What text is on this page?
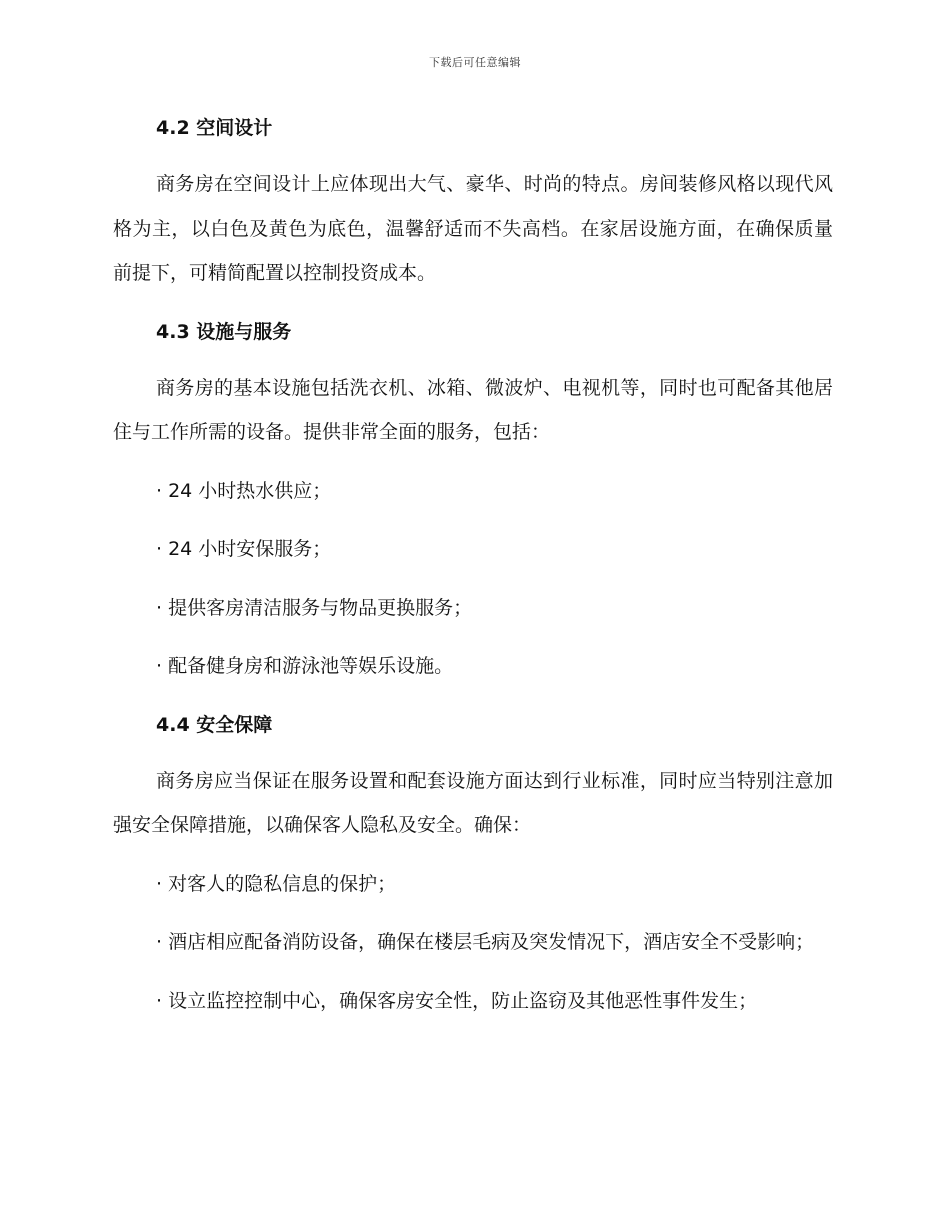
下载后可任意编辑
4.2 空间设计

商务房在空间设计上应体现出大气、豪华、时尚的特点。房间装修风格以现代风格为主，以白色及黄色为底色，温馨舒适而不失高档。在家居设施方面，在确保质量前提下，可精简配置以控制投资成本。

4.3 设施与服务

商务房的基本设施包括洗衣机、冰箱、微波炉、电视机等，同时也可配备其他居住与工作所需的设备。提供非常全面的服务，包括：

· 24 小时热水供应；

· 24 小时安保服务；

· 提供客房清洁服务与物品更换服务；

· 配备健身房和游泳池等娱乐设施。

4.4 安全保障

商务房应当保证在服务设置和配套设施方面达到行业标准，同时应当特别注意加强安全保障措施，以确保客人隐私及安全。确保：

· 对客人的隐私信息的保护；

· 酒店相应配备消防设备，确保在楼层毛病及突发情况下，酒店安全不受影响；

· 设立监控控制中心，确保客房安全性，防止盗窃及其他恶性事件发生；
